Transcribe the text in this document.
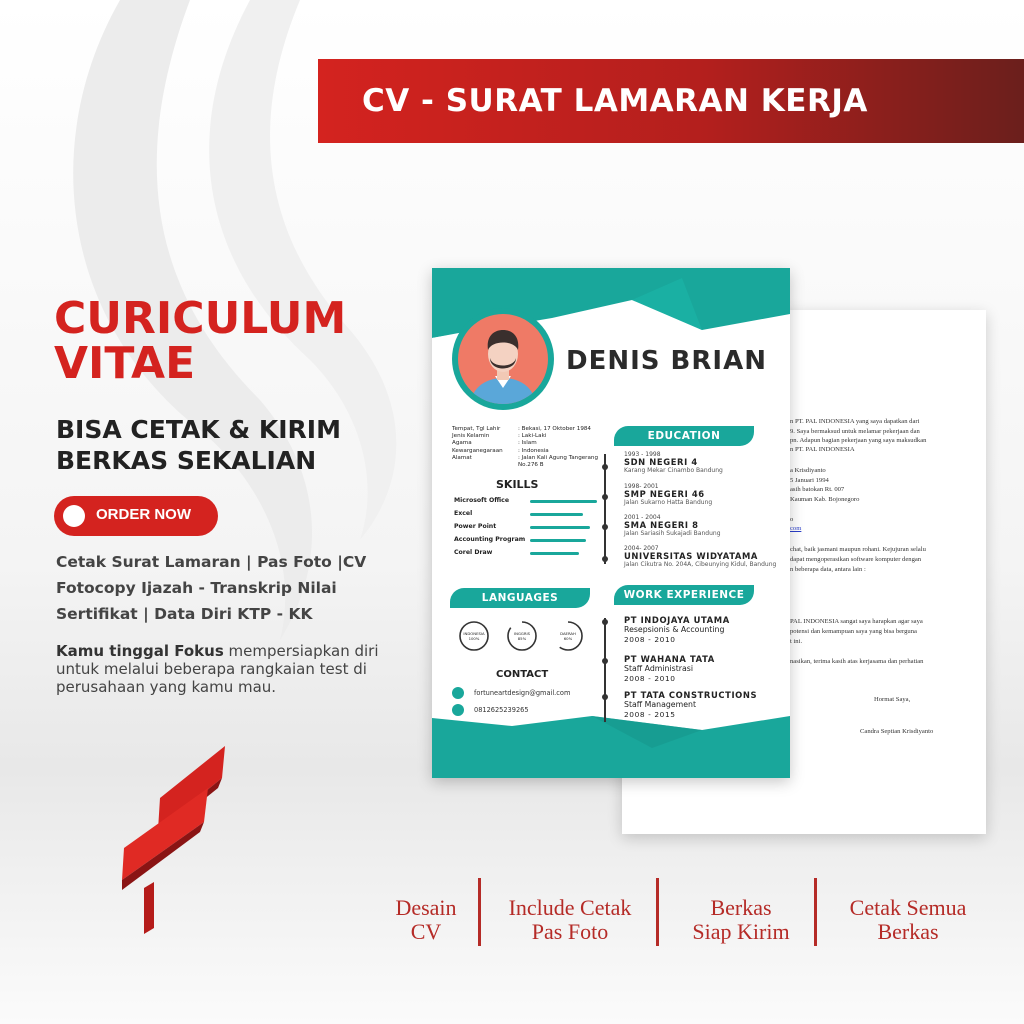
CV - SURAT LAMARAN KERJA
CURICULUM
VITAE
BISA CETAK & KIRIM
BERKAS SEKALIAN
ORDER NOW
Cetak Surat Lamaran | Pas Foto |CV
Fotocopy Ijazah - Transkrip Nilai
Sertifikat | Data Diri KTP - KK
Kamu tinggal Fokus mempersiapkan diri untuk melalui beberapa rangkaian test di perusahaan yang kamu mau.
n PT. PAL INDONESIA yang saya dapatkan dari
9. Saya bermaksud untuk melamar pekerjaan dan
pn. Adapun bagian pekerjaan yang saya maksudkan
n PT. PAL INDONESIA
a Krisdiyanto
5 Januari 1994
asih batokan Rt. 007
Kauman Kab. Bojonegoro
o
com
chat, baik jasmani maupun rohani. Kejujuran selalu
dapat mengoperasikan software komputer dengan
n beberapa data, antara lain :
PAL INDONESIA sangat saya harapkan agar saya
potensi dan kemampuan saya yang bisa berguna
t ini.
nasikan, terima kasih atas kerjasama dan perhatian
Hormat Saya,
Candra Septian Krisdiyanto
DENIS BRIAN
Tempat, Tgl Lahir	: Bekasi, 17 Oktober 1984
Jenis Kelamin	: Laki-Laki
Agama	: Islam
Kewarganegaraan	: Indonesia
Alamat	: Jalan Kali Agung Tangerang
No.276 B
SKILLS
Microsoft Office
Excel
Power Point
Accounting Program
Corel Draw
LANGUAGES
INDONESIA
100%
INGGRIS
85%
DAERAH
60%
CONTACT
fortuneartdesign@gmail.com
0812625239265
EDUCATION
1993 - 1998
SDN NEGERI 4
Karang Mekar Cinambo Bandung
1998- 2001
SMP NEGERI 46
Jalan Sukarno Hatta Bandung
2001 - 2004
SMA NEGERI 8
Jalan Sariasih Sukajadi Bandung
2004- 2007
UNIVERSITAS WIDYATAMA
Jalan Cikutra No. 204A, Cibeunying Kidul, Bandung
WORK EXPERIENCE
PT INDOJAYA UTAMA
Resepsionis & Accounting
2008 - 2010
PT WAHANA TATA
Staff Administrasi
2008 - 2010
PT TATA CONSTRUCTIONS
Staff Management
2008 - 2015
Desain
CV
Include Cetak
Pas Foto
Berkas
Siap Kirim
Cetak Semua
Berkas
